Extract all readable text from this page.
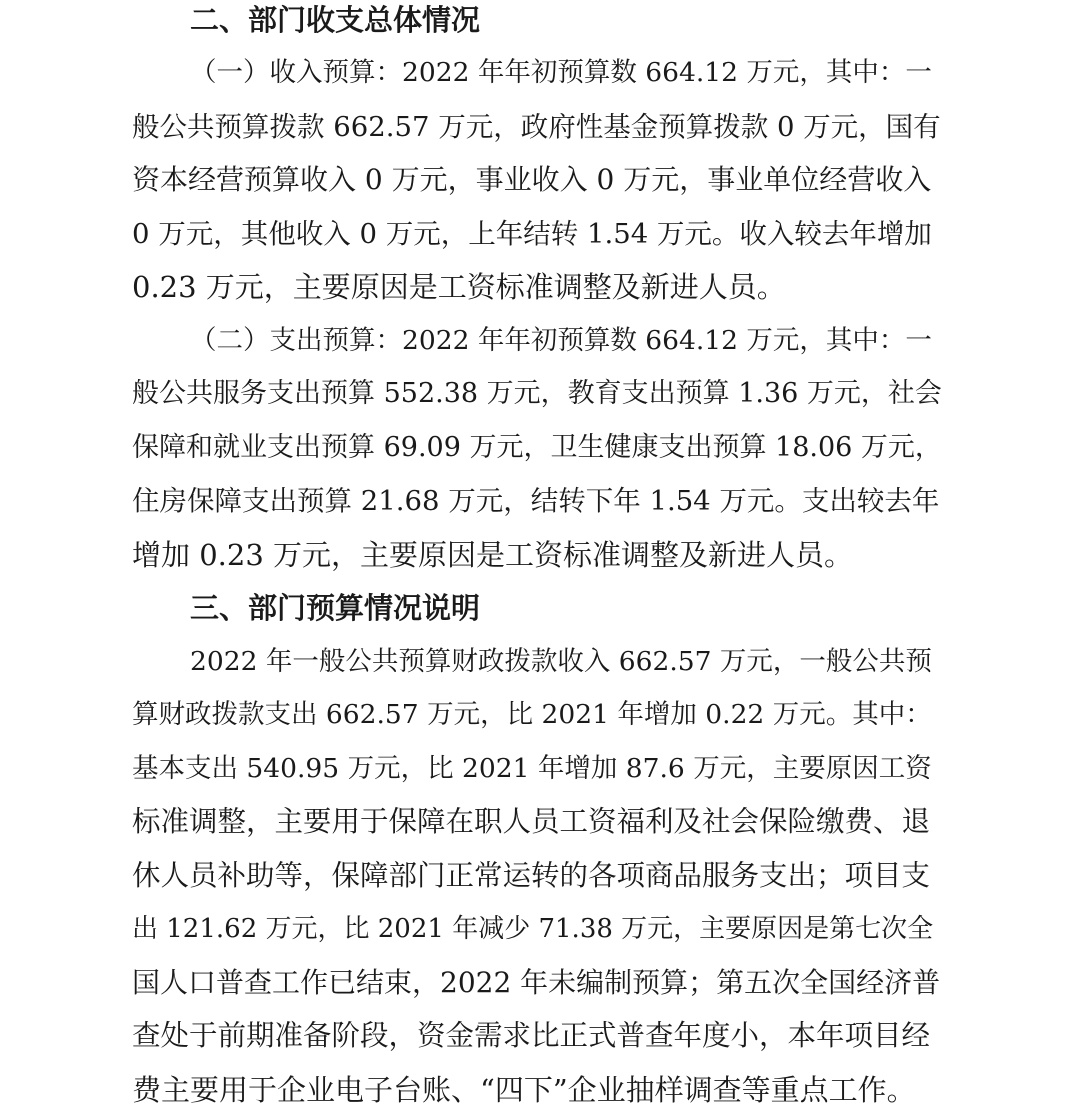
二、部门收支总体情况
（一）收入预算：2022 年年初预算数 664.12 万元，其中：一
般公共预算拨款 662.57 万元，政府性基金预算拨款 0 万元，国有
资本经营预算收入 0 万元，事业收入 0 万元，事业单位经营收入
0 万元，其他收入 0 万元，上年结转 1.54 万元。收入较去年增加
0.23 万元，主要原因是工资标准调整及新进人员。
（二）支出预算：2022 年年初预算数 664.12 万元，其中：一
般公共服务支出预算 552.38 万元，教育支出预算 1.36 万元，社会
保障和就业支出预算 69.09 万元，卫生健康支出预算 18.06 万元，
住房保障支出预算 21.68 万元，结转下年 1.54 万元。支出较去年
增加 0.23 万元，主要原因是工资标准调整及新进人员。
三、部门预算情况说明
2022 年一般公共预算财政拨款收入 662.57 万元，一般公共预
算财政拨款支出 662.57 万元，比 2021 年增加 0.22 万元。其中：
基本支出 540.95 万元，比 2021 年增加 87.6 万元，主要原因工资
标准调整，主要用于保障在职人员工资福利及社会保险缴费、退
休人员补助等，保障部门正常运转的各项商品服务支出；项目支
出 121.62 万元，比 2021 年减少 71.38 万元，主要原因是第七次全
国人口普查工作已结束，2022 年未编制预算；第五次全国经济普
查处于前期准备阶段，资金需求比正式普查年度小，本年项目经
费主要用于企业电子台账、“四下”企业抽样调查等重点工作。
